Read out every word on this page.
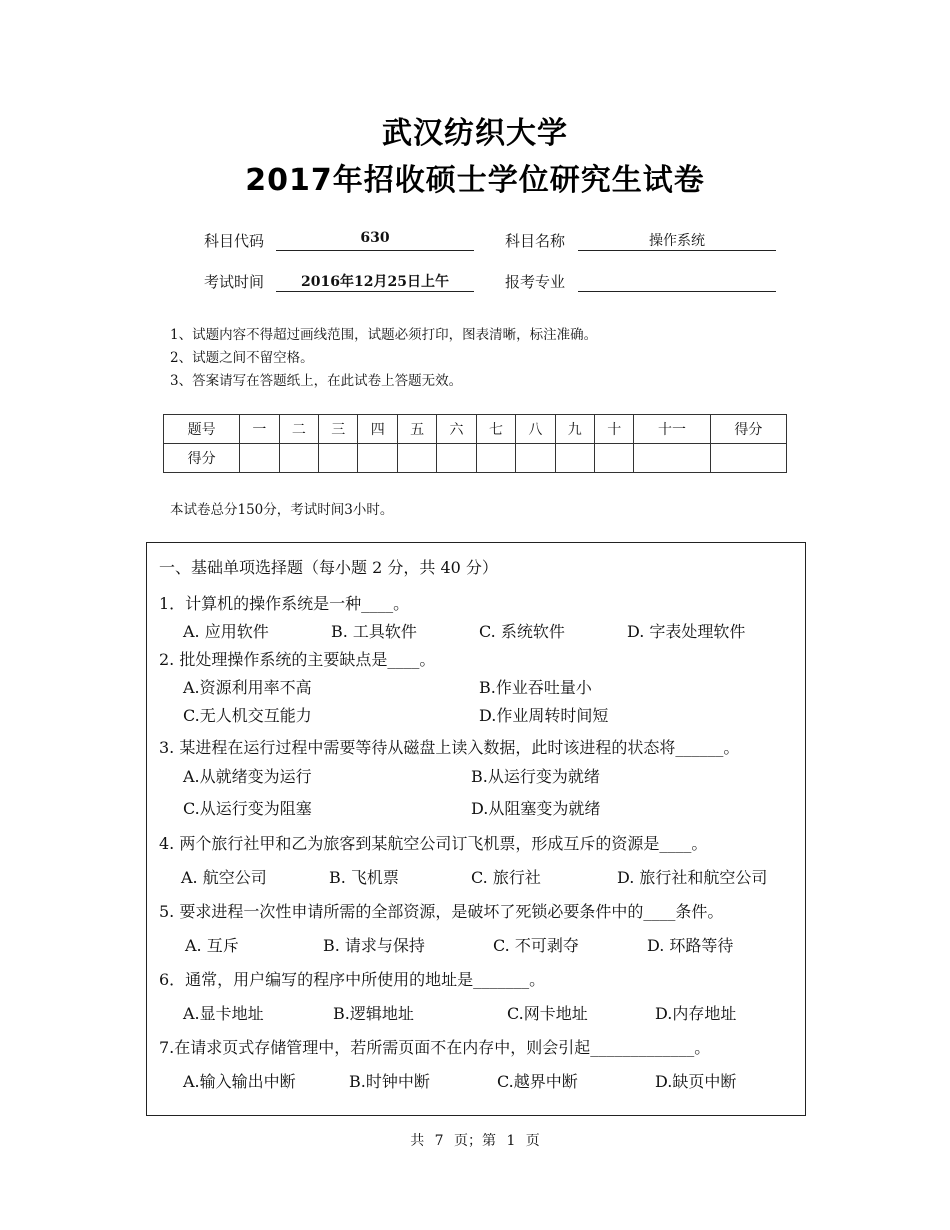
武汉纺织大学
2017年招收硕士学位研究生试卷
科目代码	630	科目名称	操作系统
考试时间	2016年12月25日上午	报考专业
1、试题内容不得超过画线范围，试题必须打印，图表清晰，标注准确。
2、试题之间不留空格。
3、答案请写在答题纸上，在此试卷上答题无效。
题号	一	二	三	四	五	六	七	八	九	十	十一	得分
得分												
本试卷总分150分，考试时间3小时。
一、基础单项选择题（每小题 2 分，共 40 分）
1．计算机的操作系统是一种____。
A. 应用软件	B. 工具软件	C. 系统软件	D. 字表处理软件
2. 批处理操作系统的主要缺点是____。
A.资源利用率不高	B.作业吞吐量小
C.无人机交互能力	D.作业周转时间短
3. 某进程在运行过程中需要等待从磁盘上读入数据，此时该进程的状态将______。
A.从就绪变为运行	B.从运行变为就绪
C.从运行变为阻塞	D.从阻塞变为就绪
4. 两个旅行社甲和乙为旅客到某航空公司订飞机票，形成互斥的资源是____。
A. 航空公司	B. 飞机票	C. 旅行社	D. 旅行社和航空公司
5. 要求进程一次性申请所需的全部资源，是破坏了死锁必要条件中的____条件。
A. 互斥	B. 请求与保持	C. 不可剥夺	D. 环路等待
6．通常，用户编写的程序中所使用的地址是_______。
A.显卡地址	B.逻辑地址	C.网卡地址	D.内存地址
7.在请求页式存储管理中，若所需页面不在内存中，则会引起_____________。
A.输入输出中断	B.时钟中断	C.越界中断	D.缺页中断
共 7 页；第 1 页
